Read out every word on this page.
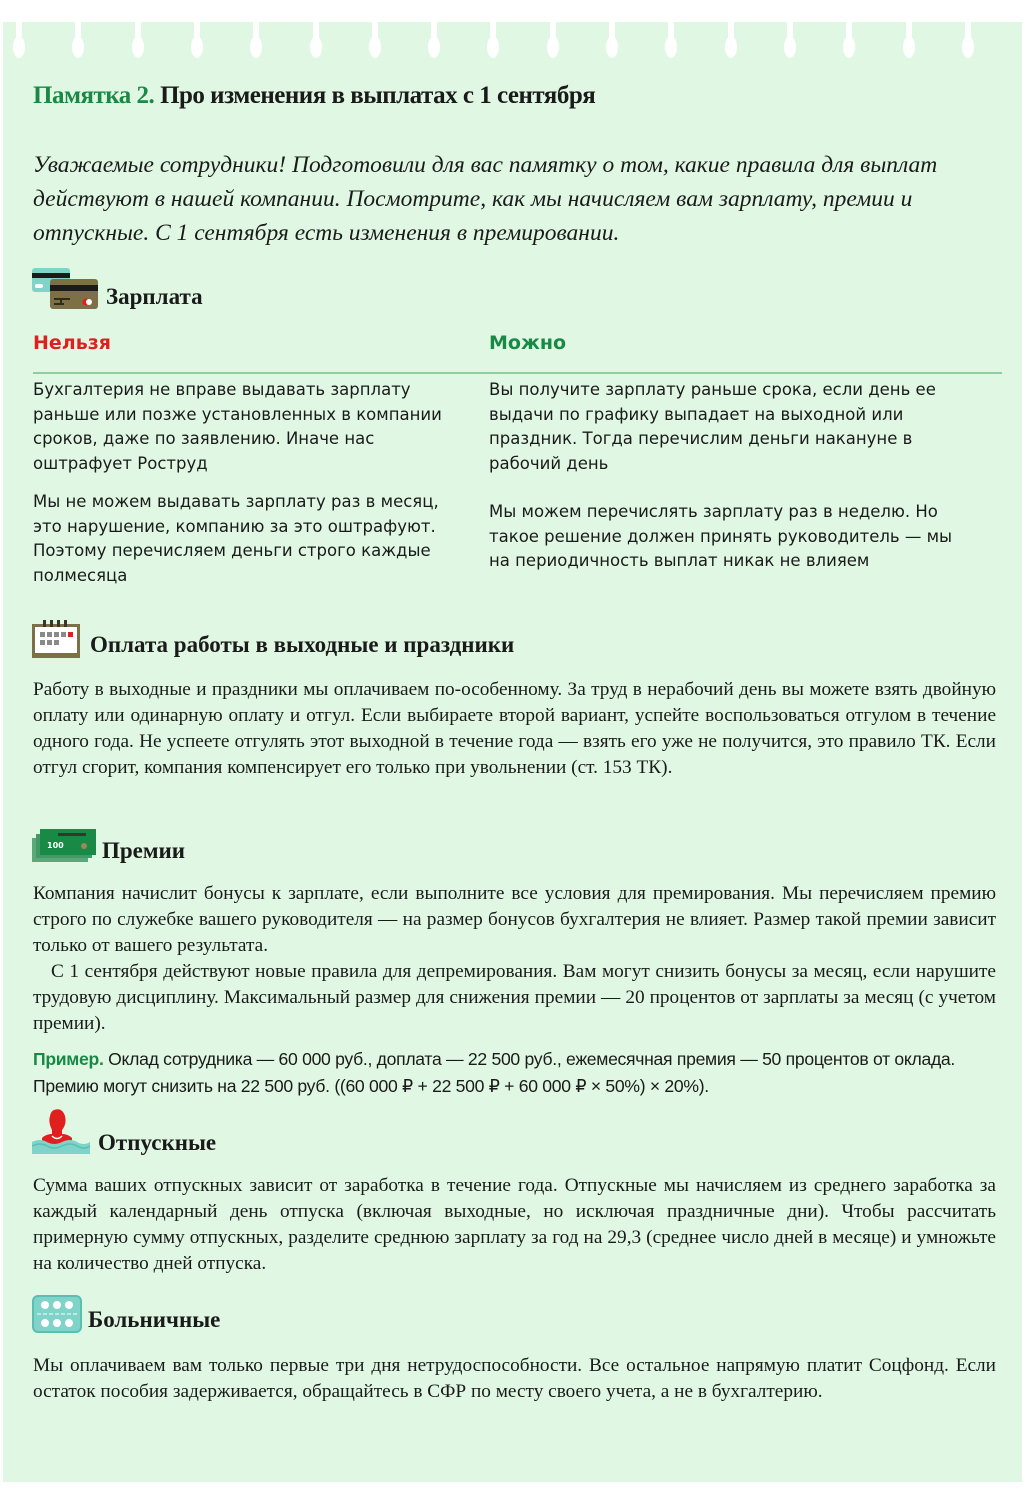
Памятка 2. Про изменения в выплатах с 1 сентября
Уважаемые сотрудники! Подготовили для вас памятку о том, какие правила для выплат действуют в нашей компании. Посмотрите, как мы начисляем вам зарплату, премии и отпускные. С 1 сентября есть изменения в премировании.
Зарплата
Нельзя	Можно

Бухгалтерия не вправе выдавать зарплату раньше или позже установленных в компании сроков, даже по заявлению. Иначе нас оштрафует Роструд

Мы не можем выдавать зарплату раз в месяц, это нарушение, компанию за это оштрафуют. Поэтому перечисляем деньги строго каждые полмесяца

Вы получите зарплату раньше срока, если день ее выдачи по графику выпадает на выходной или праздник. Тогда перечислим деньги накануне в рабочий день

Мы можем перечислять зарплату раз в неделю. Но такое решение должен принять руководитель — мы на периодичность выплат никак не влияем

Оплата работы в выходные и праздники

Работу в выходные и праздники мы оплачиваем по-особенному. За труд в нерабочий день вы можете взять двойную оплату или одинарную оплату и отгул. Если выбираете второй вариант, успейте воспользоваться отгулом в течение одного года. Не успеете отгулять этот выходной в течение года — взять его уже не получится, это правило ТК. Если отгул сгорит, компания компенсирует его только при увольнении (ст. 153 ТК).

100 Премии

Компания начислит бонусы к зарплате, если выполните все условия для премирования. Мы перечисляем премию строго по служебке вашего руководителя — на размер бонусов бухгалтерия не влияет. Размер такой премии зависит только от вашего результата.

С 1 сентября действуют новые правила для депремирования. Вам могут снизить бонусы за месяц, если нарушите трудовую дисциплину. Максимальный размер для снижения премии — 20 процентов от зарплаты за месяц (с учетом премии).

Пример. Оклад сотрудника — 60 000 руб., доплата — 22 500 руб., ежемесячная премия — 50 процентов от оклада. Премию могут снизить на 22 500 руб. ((60 000 ₽ + 22 500 ₽ + 60 000 ₽ × 50%) × 20%).
Отпускные

Сумма ваших отпускных зависит от заработка в течение года. Отпускные мы начисляем из среднего заработка за каждый календарный день отпуска (включая выходные, но исключая праздничные дни). Чтобы рассчитать примерную сумму отпускных, разделите среднюю зарплату за год на 29,3 (среднее число дней в месяце) и умножьте на количество дней отпуска.

Больничные

Мы оплачиваем вам только первые три дня нетрудоспособности. Все остальное напрямую платит Соцфонд. Если остаток пособия задерживается, обращайтесь в СФР по месту своего учета, а не в бухгалтерию.
